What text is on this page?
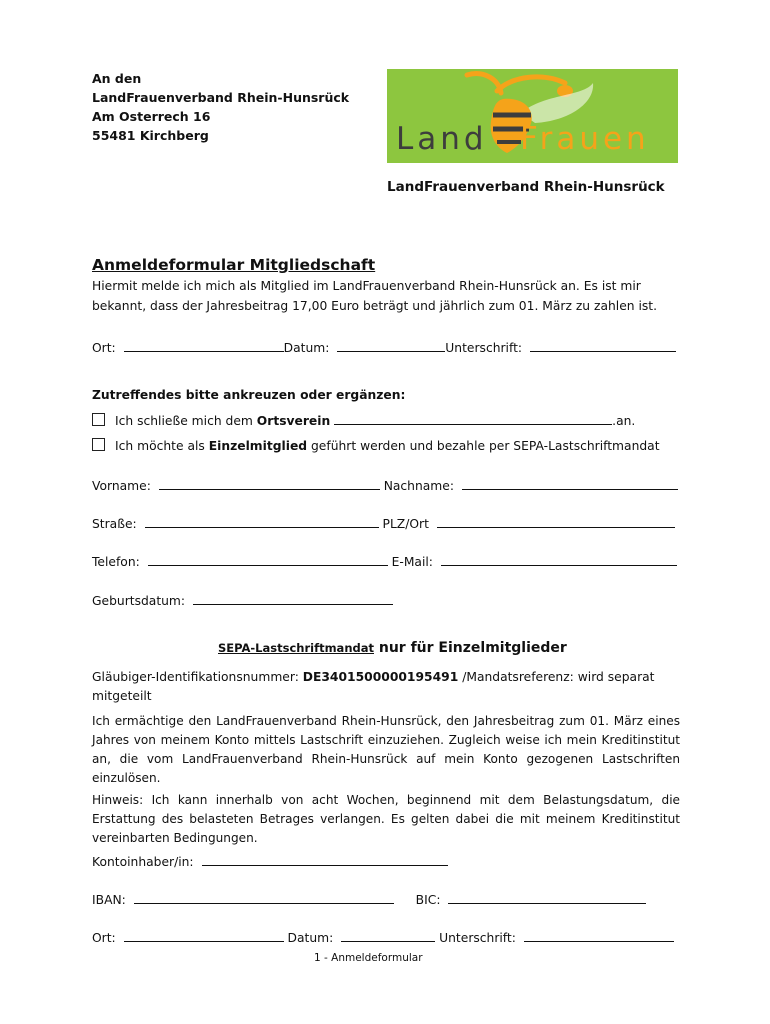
An den
LandFrauenverband Rhein-Hunsrück
Am Osterrech 16
55481 Kirchberg	Land Frauen
LandFrauenverband Rhein-Hunsrück
Anmeldeformular Mitgliedschaft
Hiermit melde ich mich als Mitglied im LandFrauenverband Rhein-Hunsrück an. Es ist mir bekannt, dass der Jahresbeitrag 17,00 Euro beträgt und jährlich zum 01. März zu zahlen ist.
Ort:	Datum:	Unterschrift:
Zutreffendes bitte ankreuzen oder ergänzen:
Ich schließe mich dem Ortsverein	.an.
Ich möchte als Einzelmitglied geführt werden und bezahle per SEPA-Lastschriftmandat
Vorname:	Nachname:
Straße:	PLZ/Ort
Telefon:	E-Mail:
Geburtsdatum:
SEPA-Lastschriftmandat nur für Einzelmitglieder
Gläubiger-Identifikationsnummer: DE3401500000195491 /Mandatsreferenz: wird separat
mitgeteilt
Ich ermächtige den LandFrauenverband Rhein-Hunsrück, den Jahresbeitrag zum 01. März eines Jahres von meinem Konto mittels Lastschrift einzuziehen. Zugleich weise ich mein Kreditinstitut an, die vom LandFrauenverband Rhein-Hunsrück auf mein Konto gezogenen Lastschriften einzulösen.
Hinweis: Ich kann innerhalb von acht Wochen, beginnend mit dem Belastungsdatum, die Erstattung des belasteten Betrages verlangen. Es gelten dabei die mit meinem Kreditinstitut vereinbarten Bedingungen.
Kontoinhaber/in:
IBAN:	BIC:
Ort:	Datum:	Unterschrift:
1 - Anmeldeformular
